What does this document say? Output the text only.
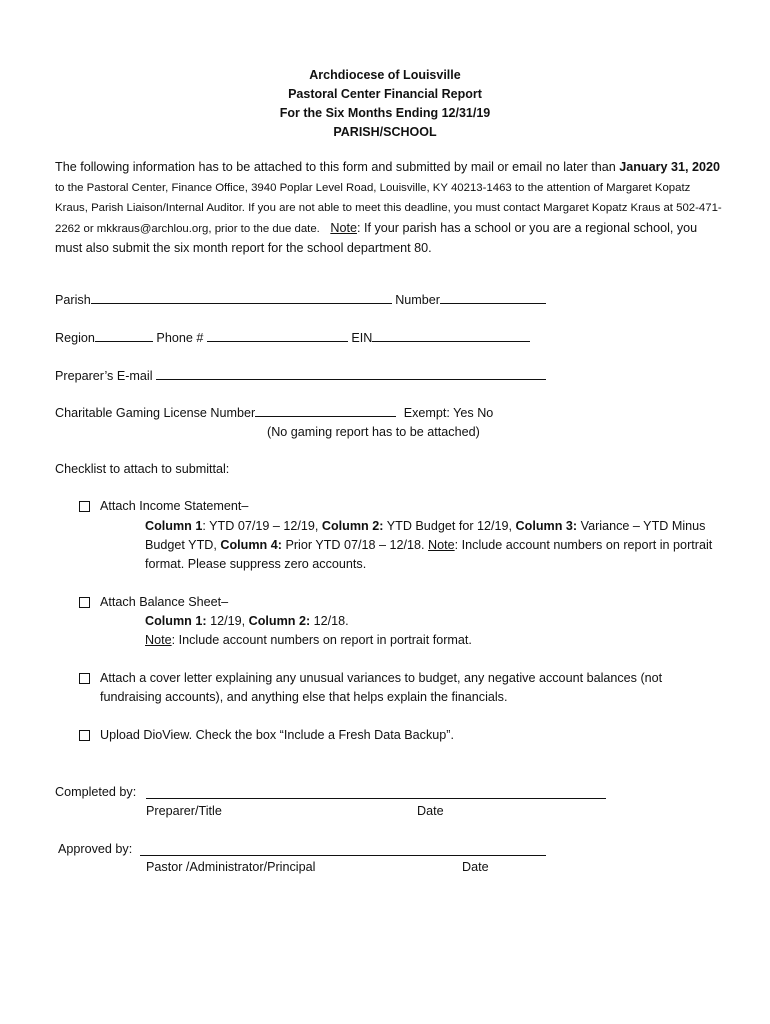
Archdiocese of Louisville
Pastoral Center Financial Report
For the Six Months Ending 12/31/19
PARISH/SCHOOL
The following information has to be attached to this form and submitted by mail or email no later than January 31, 2020 to the Pastoral Center, Finance Office, 3940 Poplar Level Road, Louisville, KY 40213-1463 to the attention of Margaret Kopatz Kraus, Parish Liaison/Internal Auditor. If you are not able to meet this deadline, you must contact Margaret Kopatz Kraus at 502-471-2262 or mkkraus@archlou.org, prior to the due date. Note: If your parish has a school or you are a regional school, you must also submit the six month report for the school department 80.
Parish	Number
Region	Phone #	EIN
Preparer’s E-mail
Charitable Gaming License Number	Exempt: Yes No
(No gaming report has to be attached)
Checklist to attach to submittal:
Attach Income Statement–
Column 1: YTD 07/19 – 12/19, Column 2: YTD Budget for 12/19, Column 3: Variance – YTD Minus Budget YTD, Column 4: Prior YTD 07/18 – 12/18. Note: Include account numbers on report in portrait format. Please suppress zero accounts.
Attach Balance Sheet–
Column 1: 12/19, Column 2: 12/18.
Note: Include account numbers on report in portrait format.
Attach a cover letter explaining any unusual variances to budget, any negative account balances (not fundraising accounts), and anything else that helps explain the financials.
Upload DioView. Check the box “Include a Fresh Data Backup”.
Completed by:
Preparer/Title	Date
Approved by:
Pastor /Administrator/Principal	Date
